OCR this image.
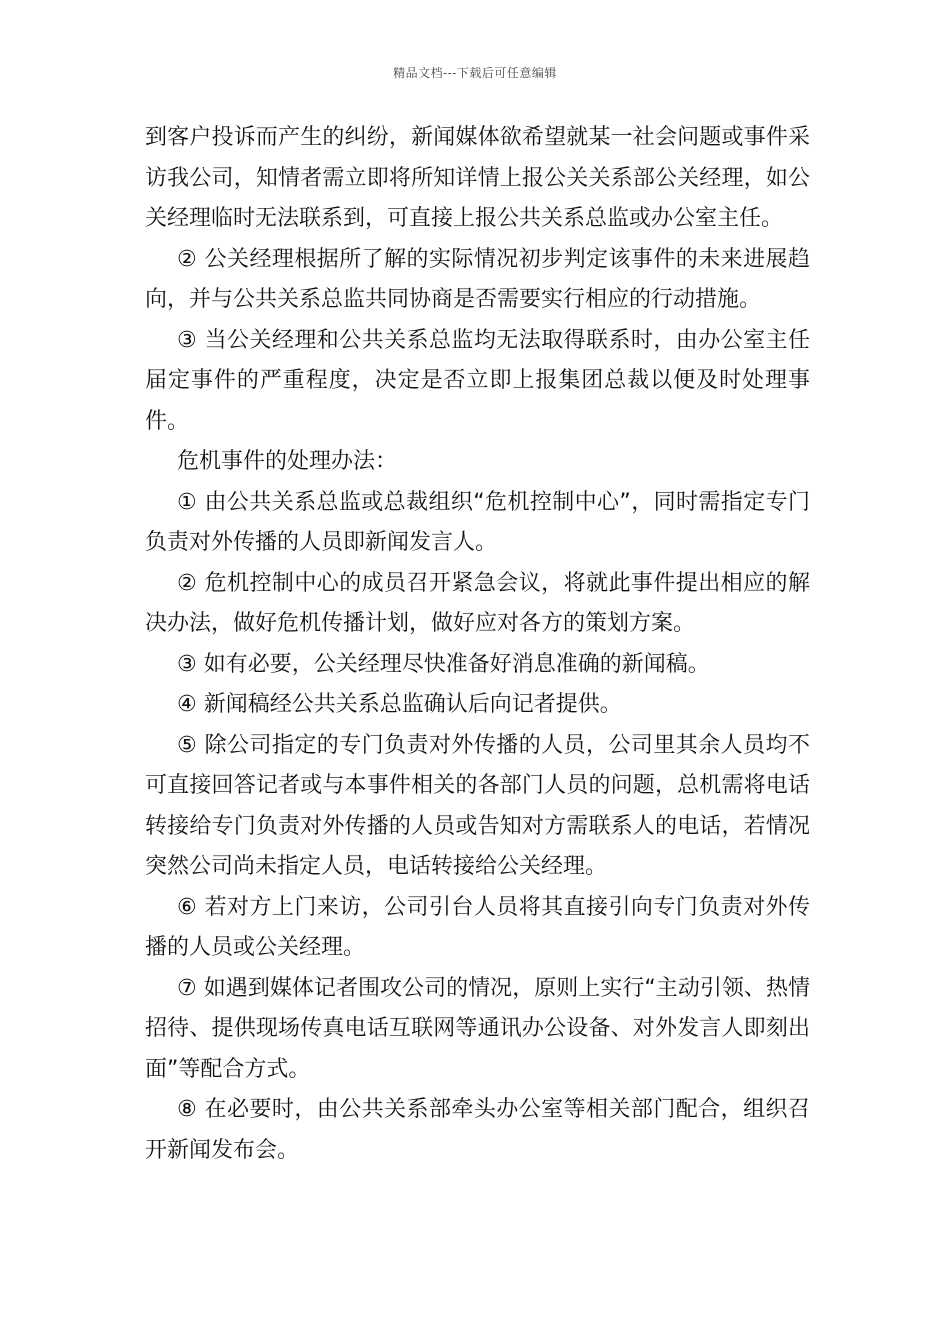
精品文档---下载后可任意编辑

到客户投诉而产生的纠纷，新闻媒体欲希望就某一社会问题或事件采访我公司，知情者需立即将所知详情上报公关关系部公关经理，如公关经理临时无法联系到，可直接上报公共关系总监或办公室主任。

② 公关经理根据所了解的实际情况初步判定该事件的未来进展趋向，并与公共关系总监共同协商是否需要实行相应的行动措施。

③ 当公关经理和公共关系总监均无法取得联系时，由办公室主任届定事件的严重程度，决定是否立即上报集团总裁以便及时处理事件。

危机事件的处理办法：

① 由公共关系总监或总裁组织“危机控制中心”，同时需指定专门负责对外传播的人员即新闻发言人。

② 危机控制中心的成员召开紧急会议，将就此事件提出相应的解决办法，做好危机传播计划，做好应对各方的策划方案。

③ 如有必要，公关经理尽快准备好消息准确的新闻稿。

④ 新闻稿经公共关系总监确认后向记者提供。

⑤ 除公司指定的专门负责对外传播的人员，公司里其余人员均不可直接回答记者或与本事件相关的各部门人员的问题，总机需将电话转接给专门负责对外传播的人员或告知对方需联系人的电话，若情况突然公司尚未指定人员，电话转接给公关经理。

⑥ 若对方上门来访，公司引台人员将其直接引向专门负责对外传播的人员或公关经理。

⑦ 如遇到媒体记者围攻公司的情况，原则上实行“主动引领、热情招待、提供现场传真电话互联网等通讯办公设备、对外发言人即刻出面”等配合方式。

⑧ 在必要时，由公共关系部牵头办公室等相关部门配合，组织召开新闻发布会。
